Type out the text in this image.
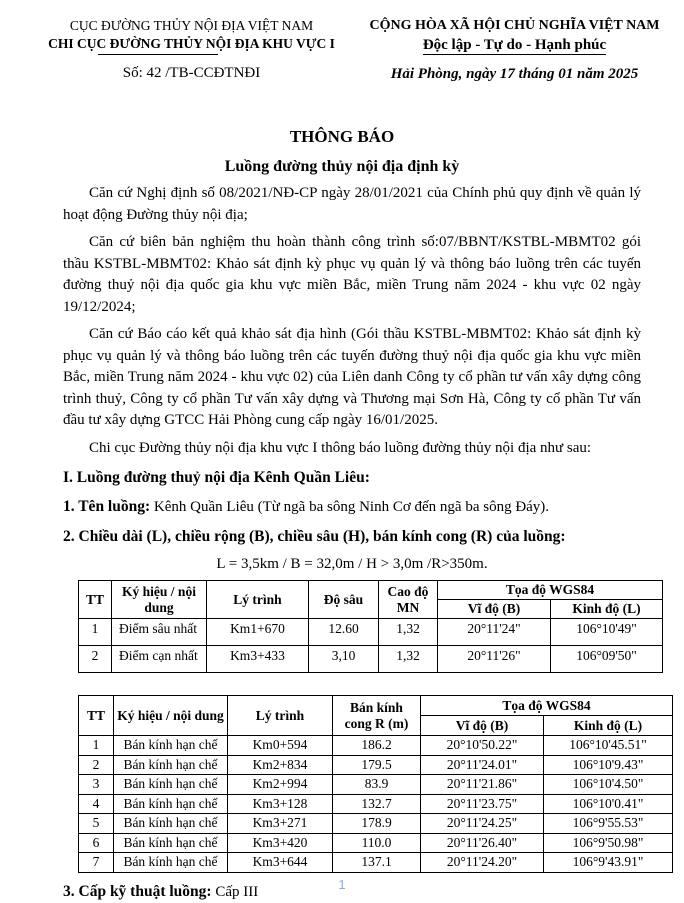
CỤC ĐƯỜNG THỦY NỘI ĐỊA VIỆT NAM
CHI CỤC ĐƯỜNG THỦY NỘI ĐỊA KHU VỰC I
Số: 42 /TB-CCĐTNĐI
CỘNG HÒA XÃ HỘI CHỦ NGHĨA VIỆT NAM
Độc lập - Tự do - Hạnh phúc
Hải Phòng, ngày 17 tháng 01 năm 2025
THÔNG BÁO
Luồng đường thủy nội địa định kỳ

Căn cứ Nghị định số 08/2021/NĐ-CP ngày 28/01/2021 của Chính phủ quy định về quản lý hoạt động Đường thủy nội địa;

Căn cứ biên bản nghiệm thu hoàn thành công trình số:07/BBNT/KSTBL-MBMT02 gói thầu KSTBL-MBMT02: Khảo sát định kỳ phục vụ quản lý và thông báo luồng trên các tuyến đường thuỷ nội địa quốc gia khu vực miền Bắc, miền Trung năm 2024 - khu vực 02 ngày 19/12/2024;

Căn cứ Báo cáo kết quả khảo sát địa hình (Gói thầu KSTBL-MBMT02: Khảo sát định kỳ phục vụ quản lý và thông báo luồng trên các tuyến đường thuỷ nội địa quốc gia khu vực miền Bắc, miền Trung năm 2024 - khu vực 02) của Liên danh Công ty cổ phần tư vấn xây dựng công trình thuỷ, Công ty cổ phần Tư vấn xây dựng và Thương mại Sơn Hà, Công ty cổ phần Tư vấn đầu tư xây dựng GTCC Hải Phòng cung cấp ngày 16/01/2025.

Chi cục Đường thủy nội địa khu vực I thông báo luồng đường thủy nội địa như sau:

I. Luồng đường thuỷ nội địa Kênh Quần Liêu:

1. Tên luồng: Kênh Quần Liêu (Từ ngã ba sông Ninh Cơ đến ngã ba sông Đáy).

2. Chiều dài (L), chiều rộng (B), chiều sâu (H), bán kính cong (R) của luồng:

L = 3,5km / B = 32,0m / H > 3,0m /R>350m.

TT	Ký hiệu / nội dung	Lý trình	Độ sâu	Cao độ MN	Tọa độ WGS84	
					Vĩ độ (B)	Kinh độ (L)
1	Điểm sâu nhất	Km1+670	12.60	1,32	20°11'24"	106°10'49"
2	Điểm cạn nhất	Km3+433	3,10	1,32	20°11'26"	106°09'50"
TT	Ký hiệu / nội dung	Lý trình	Bán kính cong R (m)	Tọa độ WGS84	
				Vĩ độ (B)	Kinh độ (L)
1	Bán kính hạn chế	Km0+594	186.2	20°10'50.22"	106°10'45.51"
2	Bán kính hạn chế	Km2+834	179.5	20°11'24.01"	106°10'9.43"
3	Bán kính hạn chế	Km2+994	83.9	20°11'21.86"	106°10'4.50"
4	Bán kính hạn chế	Km3+128	132.7	20°11'23.75"	106°10'0.41"
5	Bán kính hạn chế	Km3+271	178.9	20°11'24.25"	106°9'55.53"
6	Bán kính hạn chế	Km3+420	110.0	20°11'26.40"	106°9'50.98"
7	Bán kính hạn chế	Km3+644	137.1	20°11'24.20"	106°9'43.91"

3. Cấp kỹ thuật luồng: Cấp III	1
